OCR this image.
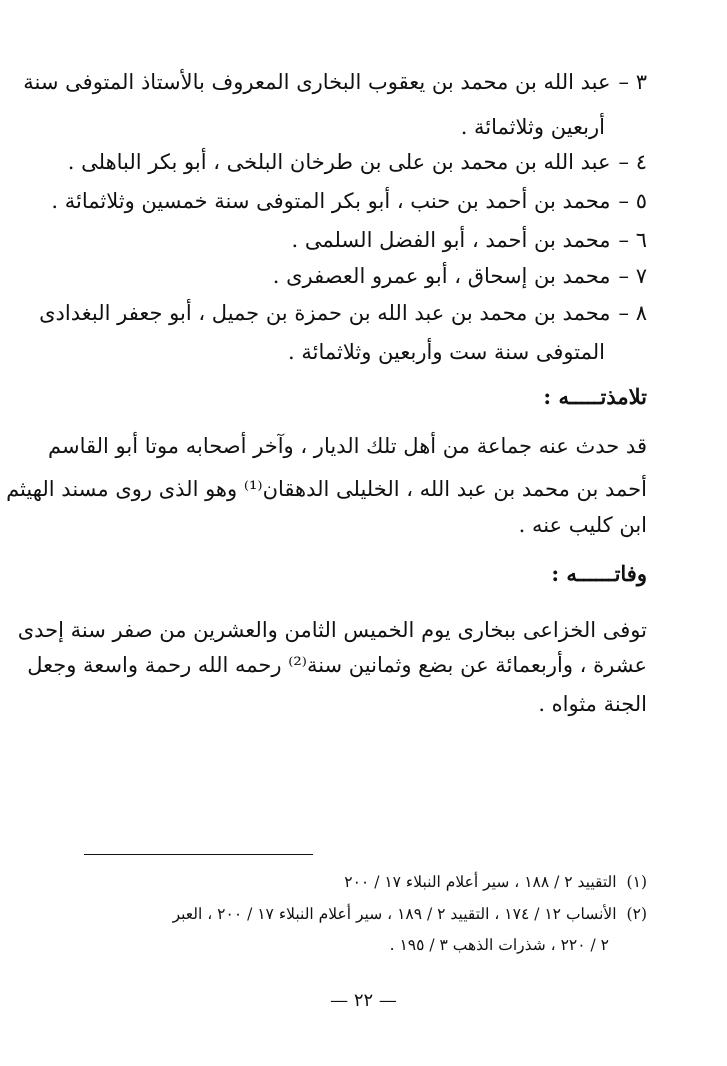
٣ –عبد الله بن محمد بن يعقوب البخارى المعروف بالأستاذ المتوفى سنة
أربعين وثلاثمائة .
٤ –عبد الله بن محمد بن على بن طرخان البلخى ، أبو بكر الباهلى .
٥ –محمد بن أحمد بن حنب ، أبو بكر المتوفى سنة خمسين وثلاثمائة .
٦ –محمد بن أحمد ، أبو الفضل السلمى .
٧ –محمد بن إسحاق ، أبو عمرو العصفرى .
٨ –محمد بن محمد بن عبد الله بن حمزة بن جميل ، أبو جعفر البغدادى
المتوفى سنة ست وأربعين وثلاثمائة .
تلامذتـــــه :
قد حدث عنه جماعة من أهل تلك الديار ، وآخر أصحابه موتا أبو القاسم
أحمد بن محمد بن عبد الله ، الخليلى الدهقان⁽¹⁾ وهو الذى روى مسند الهيثم
ابن كليب عنه .
وفاتــــــه :
توفى الخزاعى ببخارى يوم الخميس الثامن والعشرين من صفر سنة إحدى
عشرة ، وأربعمائة عن بضع وثمانين سنة⁽²⁾ رحمه الله رحمة واسعة وجعل
الجنة مثواه .
(١)التقييد ٢ / ١٨٨ ، سير أعلام النبلاء ١٧ / ٢٠٠
(٢)الأنساب ١٢ / ١٧٤ ، التقييد ٢ / ١٨٩ ، سير أعلام النبلاء ١٧ / ٢٠٠ ، العبر
٢ / ٢٢٠ ، شذرات الذهب ٣ / ١٩٥ .
— ٢٢ —
